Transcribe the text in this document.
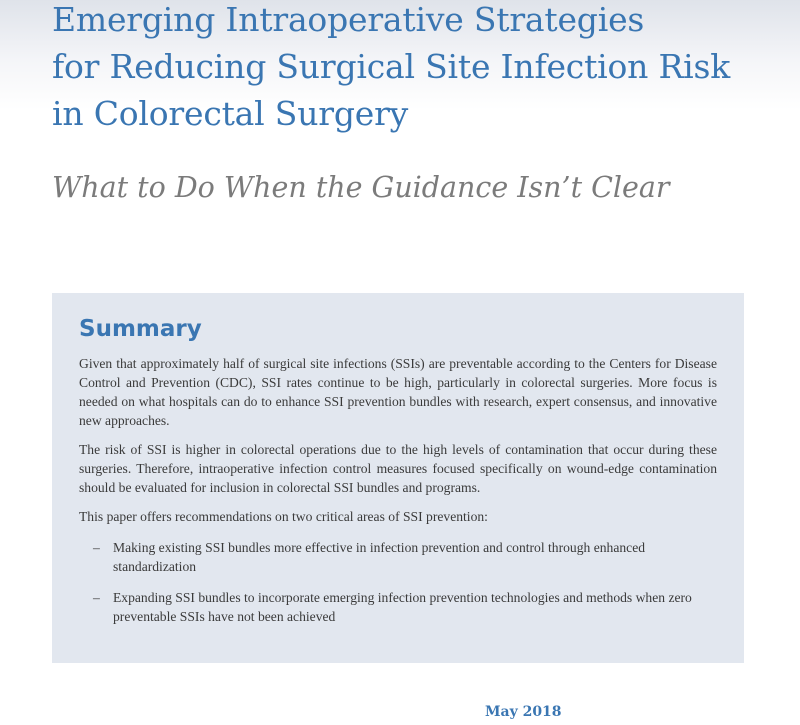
Emerging Intraoperative Strategies
for Reducing Surgical Site Infection Risk
in Colorectal Surgery
What to Do When the Guidance Isn’t Clear
Summary

Given that approximately half of surgical site infections (SSIs) are preventable according to the Centers for Disease Control and Prevention (CDC), SSI rates continue to be high, particularly in colorectal surgeries. More focus is needed on what hospitals can do to enhance SSI prevention bundles with research, expert consensus, and innovative new approaches.

The risk of SSI is higher in colorectal operations due to the high levels of contamination that occur during these surgeries. Therefore, intraoperative infection control measures focused specifically on wound-edge contamination should be evaluated for inclusion in colorectal SSI bundles and programs.

This paper offers recommendations on two critical areas of SSI prevention:

– Making existing SSI bundles more effective in infection prevention and control through enhanced standardization
– Expanding SSI bundles to incorporate emerging infection prevention technologies and methods when zero preventable SSIs have not been achieved

May 2018
